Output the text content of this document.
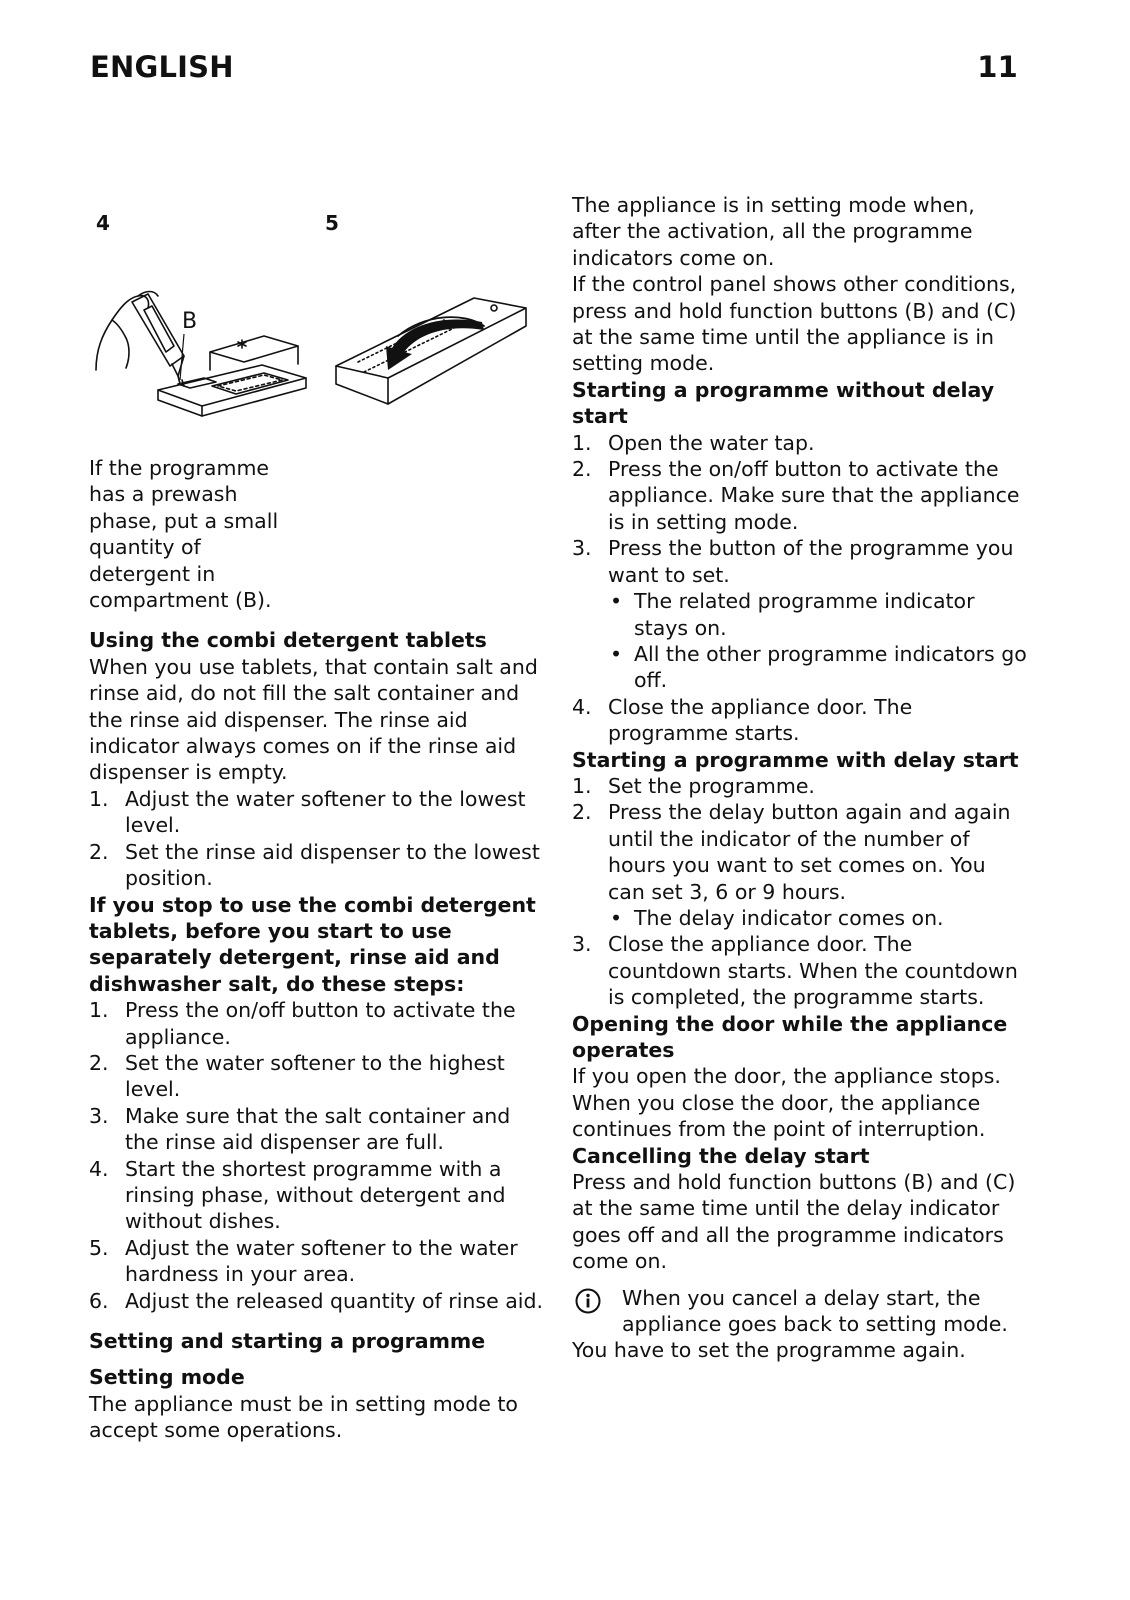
ENGLISH	11
4	5
B

If the programme has a prewash phase, put a small quantity of detergent in compartment (B).

Using the combi detergent tablets

When you use tablets, that contain salt and rinse aid, do not fill the salt container and the rinse aid dispenser. The rinse aid indicator always comes on if the rinse aid dispenser is empty.

1. Adjust the water softener to the lowest level.
2. Set the rinse aid dispenser to the lowest position.

If you stop to use the combi detergent tablets, before you start to use separately detergent, rinse aid and dishwasher salt, do these steps:

1. Press the on/off button to activate the appliance.
2. Set the water softener to the highest level.
3. Make sure that the salt container and the rinse aid dispenser are full.
4. Start the shortest programme with a rinsing phase, without detergent and without dishes.
5. Adjust the water softener to the water hardness in your area.
6. Adjust the released quantity of rinse aid.

Setting and starting a programme

Setting mode

The appliance must be in setting mode to accept some operations.

The appliance is in setting mode when, after the activation, all the programme indicators come on.

If the control panel shows other conditions, press and hold function buttons (B) and (C) at the same time until the appliance is in setting mode.

Starting a programme without delay start

1. Open the water tap.
2. Press the on/off button to activate the appliance. Make sure that the appliance is in setting mode.
3. Press the button of the programme you want to set.
• The related programme indicator stays on.
• All the other programme indicators go off.
4. Close the appliance door. The programme starts.

Starting a programme with delay start

1. Set the programme.
2. Press the delay button again and again until the indicator of the number of hours you want to set comes on. You can set 3, 6 or 9 hours.
• The delay indicator comes on.
3. Close the appliance door. The countdown starts. When the countdown is completed, the programme starts.

Opening the door while the appliance operates

If you open the door, the appliance stops. When you close the door, the appliance continues from the point of interruption.

Cancelling the delay start

Press and hold function buttons (B) and (C) at the same time until the delay indicator goes off and all the programme indicators come on.

When you cancel a delay start, the appliance goes back to setting mode.

You have to set the programme again.
